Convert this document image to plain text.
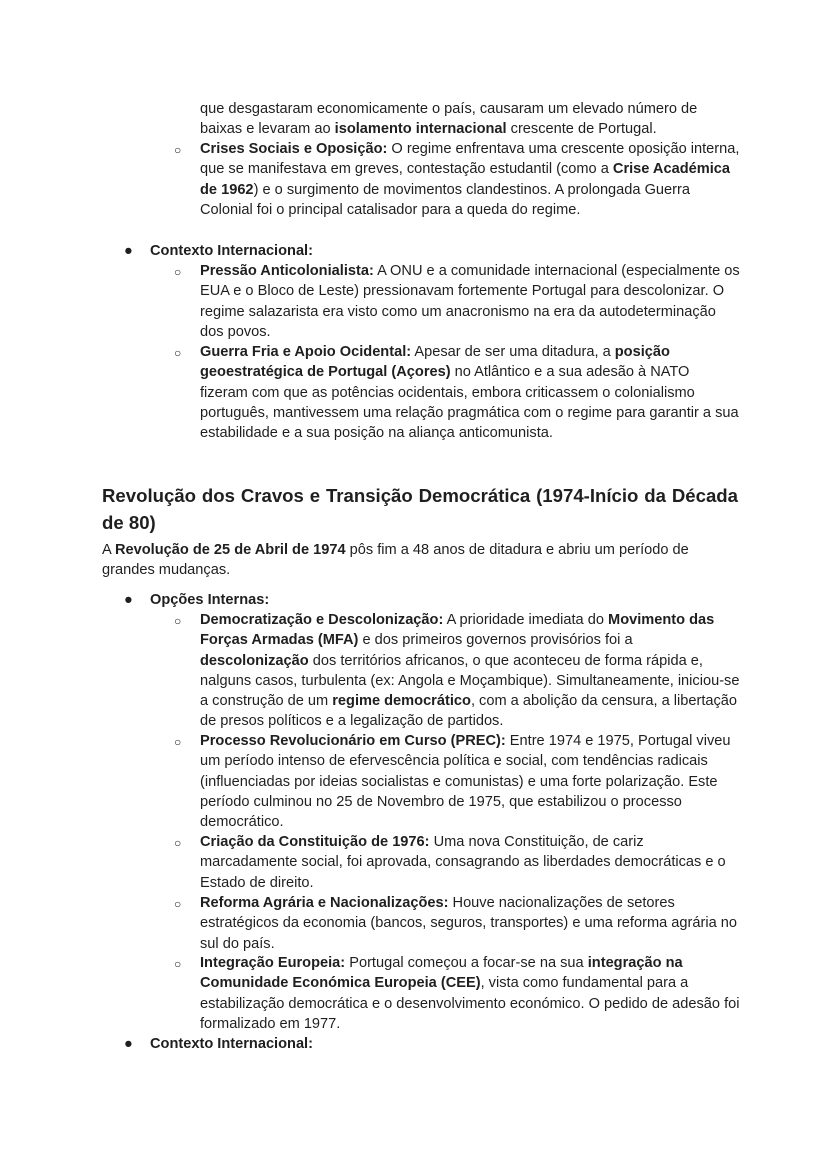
que desgastaram economicamente o país, causaram um elevado número de baixas e levaram ao isolamento internacional crescente de Portugal.
○ Crises Sociais e Oposição: O regime enfrentava uma crescente oposição interna, que se manifestava em greves, contestação estudantil (como a Crise Académica de 1962) e o surgimento de movimentos clandestinos. A prolongada Guerra Colonial foi o principal catalisador para a queda do regime.
● Contexto Internacional:
○ Pressão Anticolonialista: A ONU e a comunidade internacional (especialmente os EUA e o Bloco de Leste) pressionavam fortemente Portugal para descolonizar. O regime salazarista era visto como um anacronismo na era da autodeterminação dos povos.
○ Guerra Fria e Apoio Ocidental: Apesar de ser uma ditadura, a posição geoestratégica de Portugal (Açores) no Atlântico e a sua adesão à NATO fizeram com que as potências ocidentais, embora criticassem o colonialismo português, mantivessem uma relação pragmática com o regime para garantir a sua estabilidade e a sua posição na aliança anticomunista.
Revolução dos Cravos e Transição Democrática (1974-Início da Década de 80)
A Revolução de 25 de Abril de 1974 pôs fim a 48 anos de ditadura e abriu um período de grandes mudanças.
● Opções Internas:
○ Democratização e Descolonização: A prioridade imediata do Movimento das Forças Armadas (MFA) e dos primeiros governos provisórios foi a descolonização dos territórios africanos, o que aconteceu de forma rápida e, nalguns casos, turbulenta (ex: Angola e Moçambique). Simultaneamente, iniciou-se a construção de um regime democrático, com a abolição da censura, a libertação de presos políticos e a legalização de partidos.
○ Processo Revolucionário em Curso (PREC): Entre 1974 e 1975, Portugal viveu um período intenso de efervescência política e social, com tendências radicais (influenciadas por ideias socialistas e comunistas) e uma forte polarização. Este período culminou no 25 de Novembro de 1975, que estabilizou o processo democrático.
○ Criação da Constituição de 1976: Uma nova Constituição, de cariz marcadamente social, foi aprovada, consagrando as liberdades democráticas e o Estado de direito.
○ Reforma Agrária e Nacionalizações: Houve nacionalizações de setores estratégicos da economia (bancos, seguros, transportes) e uma reforma agrária no sul do país.
○ Integração Europeia: Portugal começou a focar-se na sua integração na Comunidade Económica Europeia (CEE), vista como fundamental para a estabilização democrática e o desenvolvimento económico. O pedido de adesão foi formalizado em 1977.
● Contexto Internacional:
